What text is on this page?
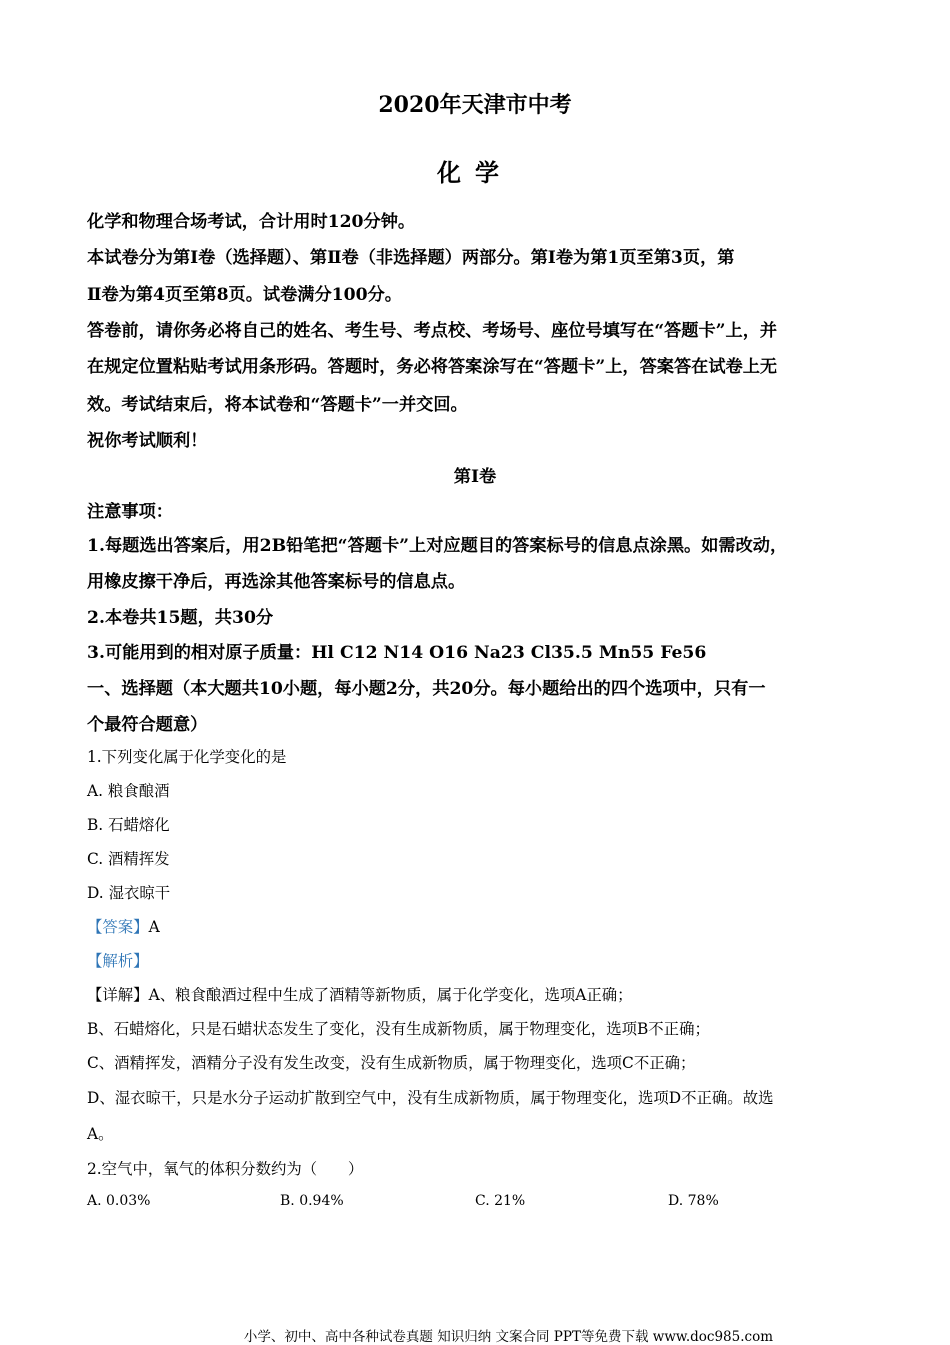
2020年天津市中考
化学
化学和物理合场考试，合计用时120分钟。
本试卷分为第Ⅰ卷（选择题）、第Ⅱ卷（非选择题）两部分。第Ⅰ卷为第1页至第3页，第
Ⅱ卷为第4页至第8页。试卷满分100分。
答卷前，请你务必将自己的姓名、考生号、考点校、考场号、座位号填写在“答题卡”上，并
在规定位置粘贴考试用条形码。答题时，务必将答案涂写在“答题卡”上，答案答在试卷上无
效。考试结束后，将本试卷和“答题卡”一并交回。
祝你考试顺利！
第Ⅰ卷
注意事项：
1.每题选出答案后，用2B铅笔把“答题卡”上对应题目的答案标号的信息点涂黑。如需改动，
用橡皮擦干净后，再选涂其他答案标号的信息点。
2.本卷共15题，共30分
3.可能用到的相对原子质量：Hl C12 N14 O16 Na23 Cl35.5 Mn55 Fe56
一、选择题（本大题共10小题，每小题2分，共20分。每小题给出的四个选项中，只有一
个最符合题意）
1.下列变化属于化学变化的是
A. 粮食酿酒
B. 石蜡熔化
C. 酒精挥发
D. 湿衣晾干
【答案】A
【解析】
【详解】A、粮食酿酒过程中生成了酒精等新物质，属于化学变化，选项A正确；
B、石蜡熔化，只是石蜡状态发生了变化，没有生成新物质，属于物理变化，选项B不正确；
C、酒精挥发，酒精分子没有发生改变，没有生成新物质，属于物理变化，选项C不正确；
D、湿衣晾干，只是水分子运动扩散到空气中，没有生成新物质，属于物理变化，选项D不正确。故选
A。
2.空气中，氧气的体积分数约为（　　）
A. 0.03%	B. 0.94%	C. 21%	D. 78%
小学、初中、高中各种试卷真题 知识归纳 文案合同 PPT等免费下载 www.doc985.com
